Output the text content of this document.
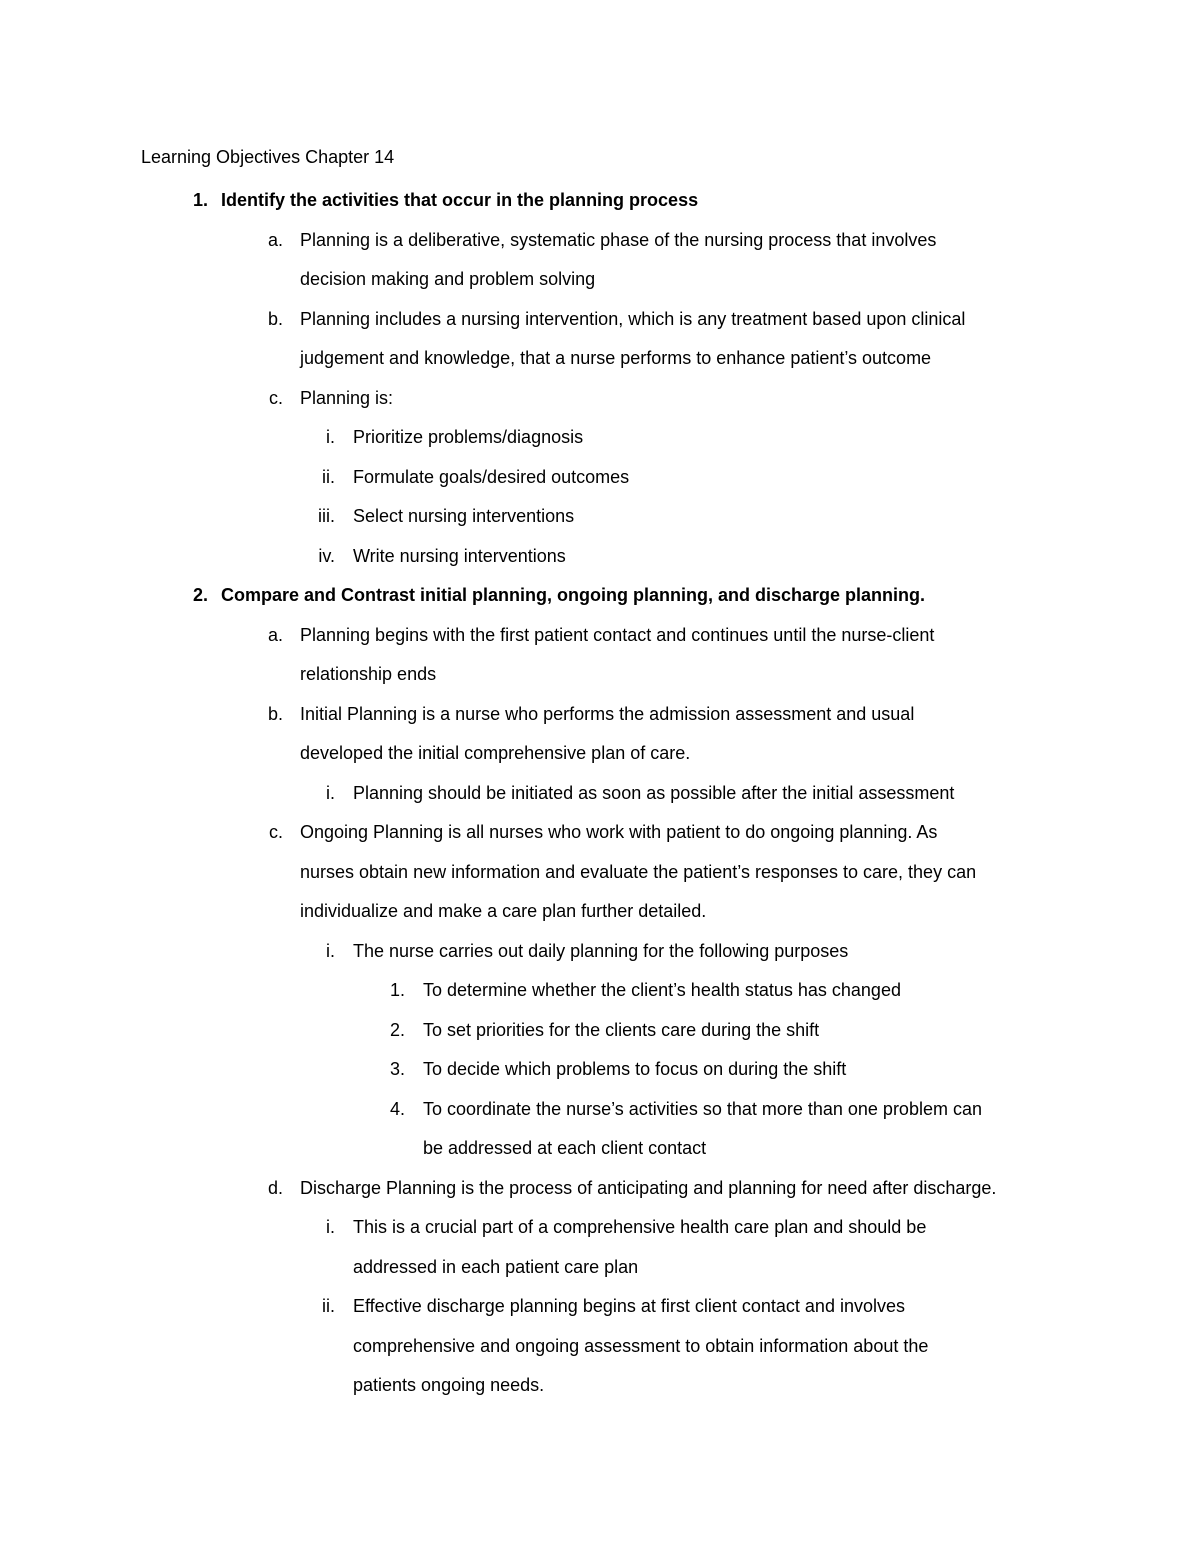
Learning Objectives Chapter 14
1. Identify the activities that occur in the planning process
a. Planning is a deliberative, systematic phase of the nursing process that involves
decision making and problem solving
b. Planning includes a nursing intervention, which is any treatment based upon clinical
judgement and knowledge, that a nurse performs to enhance patient’s outcome
c. Planning is:
i. Prioritize problems/diagnosis
ii. Formulate goals/desired outcomes
iii. Select nursing interventions
iv. Write nursing interventions
2. Compare and Contrast initial planning, ongoing planning, and discharge planning.
a. Planning begins with the first patient contact and continues until the nurse-client
relationship ends
b. Initial Planning is a nurse who performs the admission assessment and usual
developed the initial comprehensive plan of care.
i. Planning should be initiated as soon as possible after the initial assessment
c. Ongoing Planning is all nurses who work with patient to do ongoing planning. As
nurses obtain new information and evaluate the patient’s responses to care, they can
individualize and make a care plan further detailed.
i. The nurse carries out daily planning for the following purposes
1. To determine whether the client’s health status has changed
2. To set priorities for the clients care during the shift
3. To decide which problems to focus on during the shift
4. To coordinate the nurse’s activities so that more than one problem can
be addressed at each client contact
d. Discharge Planning is the process of anticipating and planning for need after discharge.
i. This is a crucial part of a comprehensive health care plan and should be
addressed in each patient care plan
ii. Effective discharge planning begins at first client contact and involves
comprehensive and ongoing assessment to obtain information about the
patients ongoing needs.
